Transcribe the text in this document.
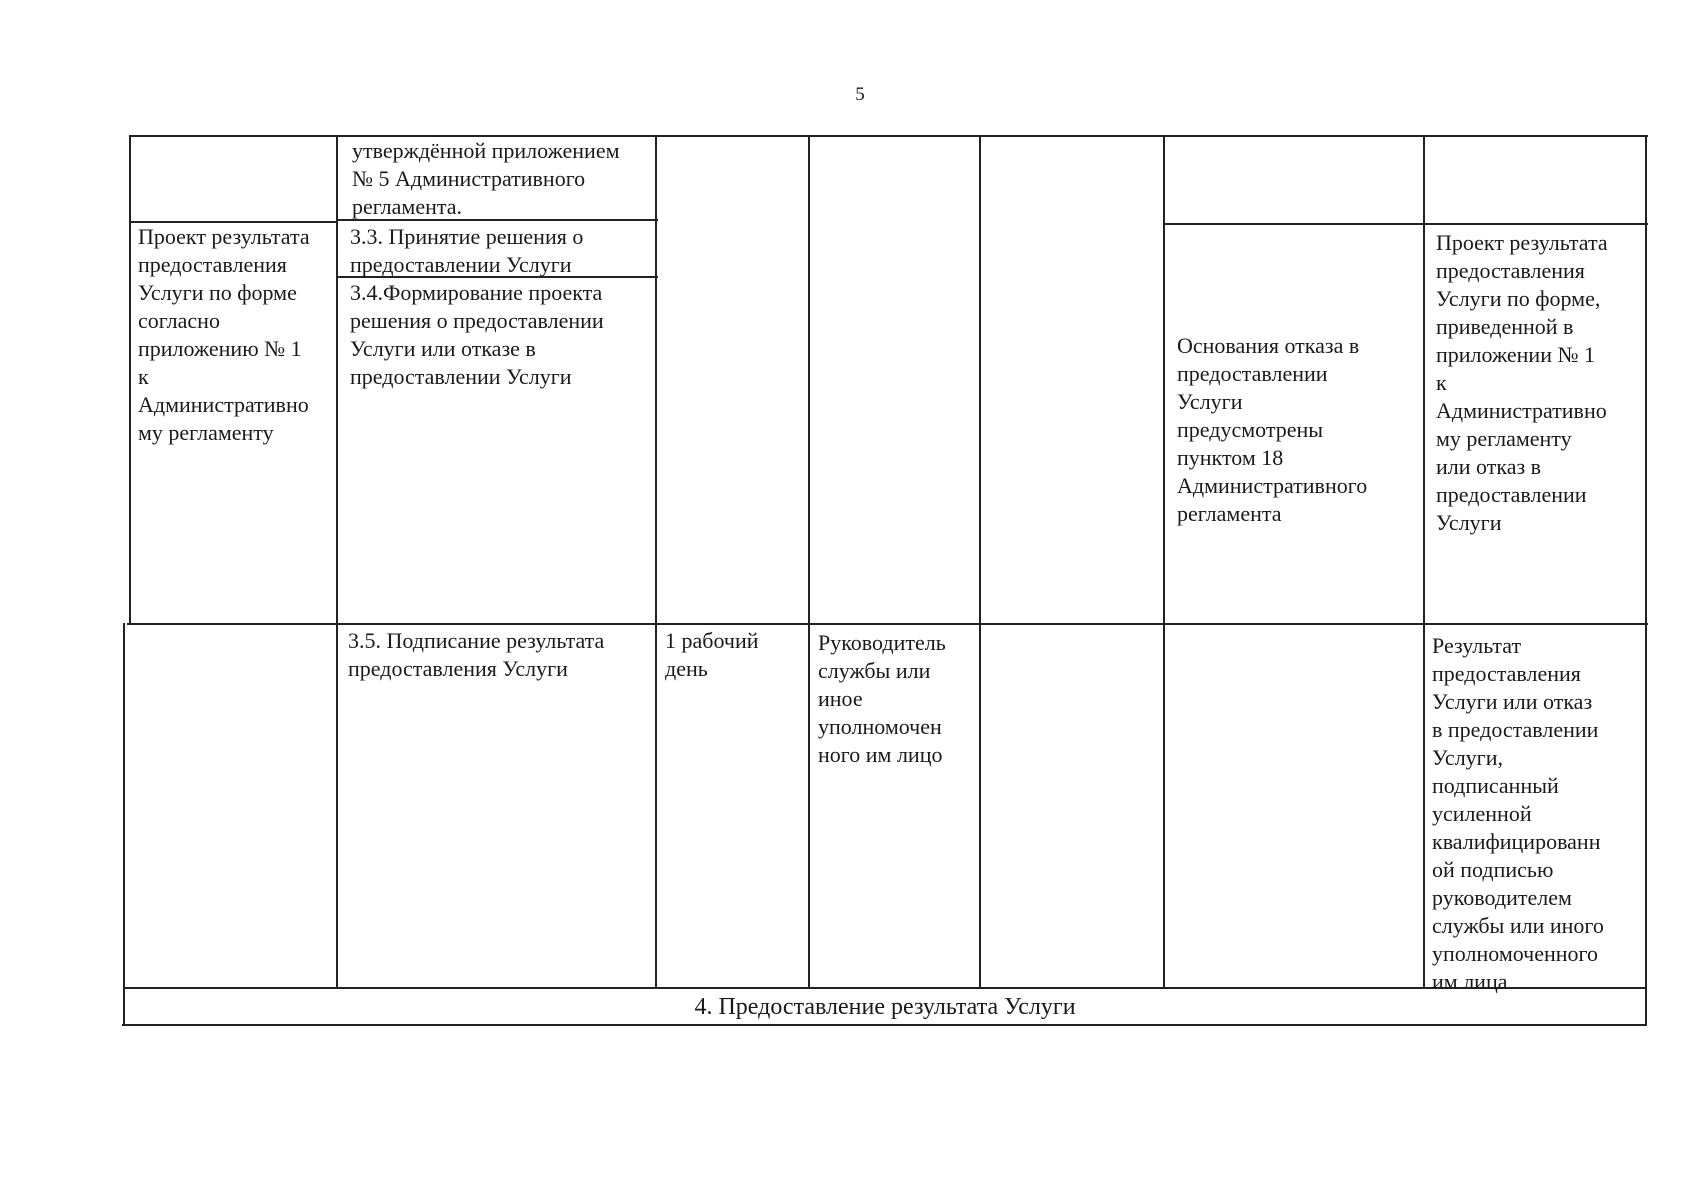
5
утверждённой приложением
№ 5 Административного
регламента.
Проект результата
предоставления
Услуги по форме
согласно
приложению № 1
к
Административно
му регламенту
3.3. Принятие решения о
предоставлении Услуги
3.4.Формирование проекта
решения о предоставлении
Услуги или отказе в
предоставлении Услуги
Основания отказа в
предоставлении
Услуги
предусмотрены
пунктом 18
Административного
регламента
Проект результата
предоставления
Услуги по форме,
приведенной в
приложении № 1
к
Административно
му регламенту
или отказ в
предоставлении
Услуги
3.5. Подписание результата
предоставления Услуги
1 рабочий
день
Руководитель
службы или
иное
уполномочен
ного им лицо
Результат
предоставления
Услуги или отказ
в предоставлении
Услуги,
подписанный
усиленной
квалифицированн
ой подписью
руководителем
службы или иного
уполномоченного
им лица
4. Предоставление результата Услуги
